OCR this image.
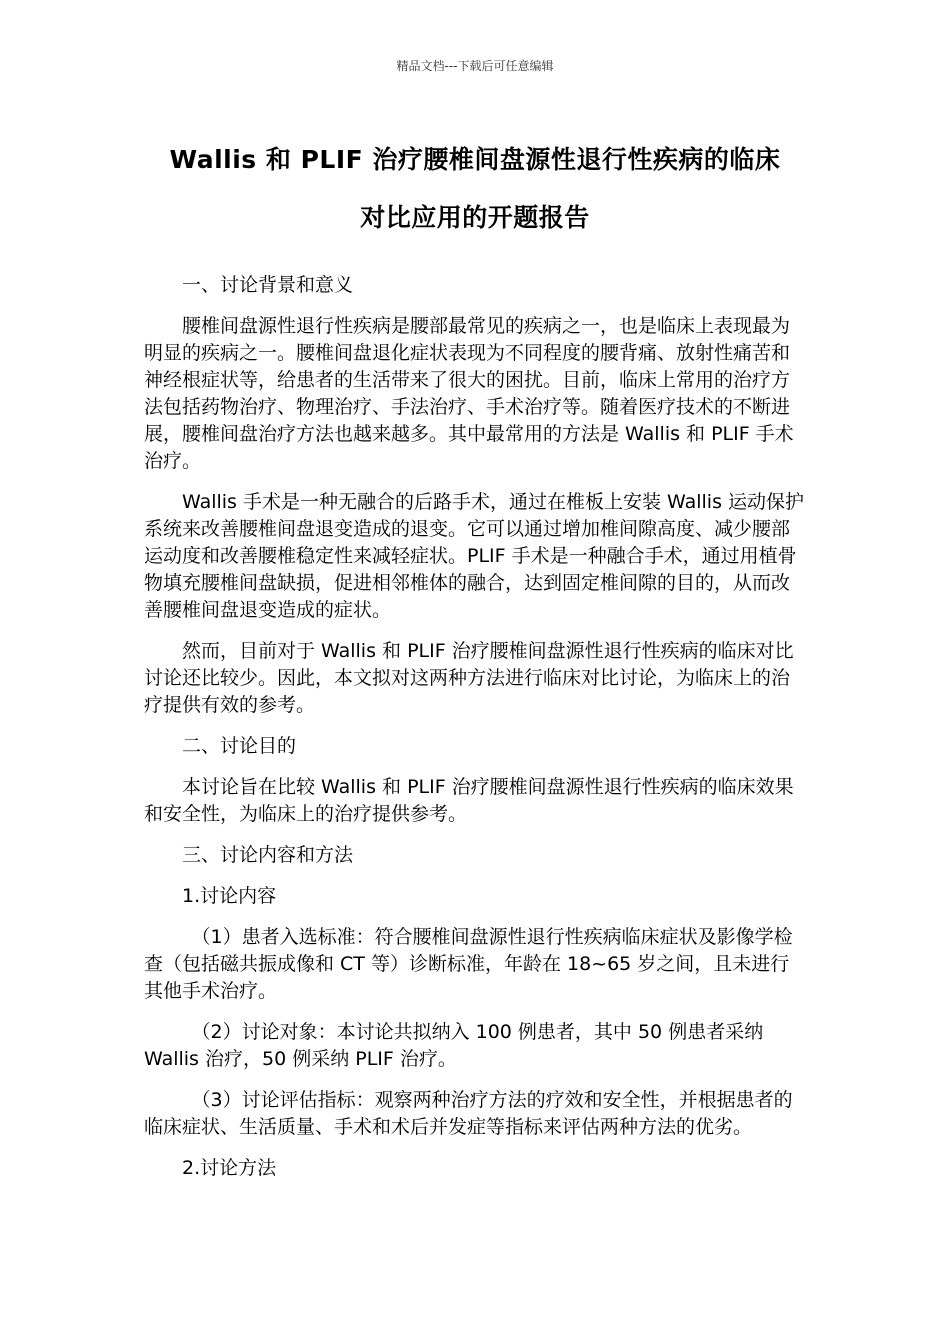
精品文档---下载后可任意编辑
Wallis 和 PLIF 治疗腰椎间盘源性退行性疾病的临床
对比应用的开题报告

一、讨论背景和意义

腰椎间盘源性退行性疾病是腰部最常见的疾病之一，也是临床上表现最为明显的疾病之一。腰椎间盘退化症状表现为不同程度的腰背痛、放射性痛苦和神经根症状等，给患者的生活带来了很大的困扰。目前，临床上常用的治疗方法包括药物治疗、物理治疗、手法治疗、手术治疗等。随着医疗技术的不断进展，腰椎间盘治疗方法也越来越多。其中最常用的方法是 Wallis 和 PLIF 手术治疗。

Wallis 手术是一种无融合的后路手术，通过在椎板上安装 Wallis 运动保护系统来改善腰椎间盘退变造成的退变。它可以通过增加椎间隙高度、减少腰部运动度和改善腰椎稳定性来减轻症状。PLIF 手术是一种融合手术，通过用植骨物填充腰椎间盘缺损，促进相邻椎体的融合，达到固定椎间隙的目的，从而改善腰椎间盘退变造成的症状。

然而，目前对于 Wallis 和 PLIF 治疗腰椎间盘源性退行性疾病的临床对比讨论还比较少。因此，本文拟对这两种方法进行临床对比讨论，为临床上的治疗提供有效的参考。

二、讨论目的

本讨论旨在比较 Wallis 和 PLIF 治疗腰椎间盘源性退行性疾病的临床效果和安全性，为临床上的治疗提供参考。

三、讨论内容和方法

1.讨论内容

（1）患者入选标准：符合腰椎间盘源性退行性疾病临床症状及影像学检查（包括磁共振成像和 CT 等）诊断标准，年龄在 18~65 岁之间，且未进行其他手术治疗。

（2）讨论对象：本讨论共拟纳入 100 例患者，其中 50 例患者采纳 Wallis 治疗，50 例采纳 PLIF 治疗。

（3）讨论评估指标：观察两种治疗方法的疗效和安全性，并根据患者的临床症状、生活质量、手术和术后并发症等指标来评估两种方法的优劣。

2.讨论方法
